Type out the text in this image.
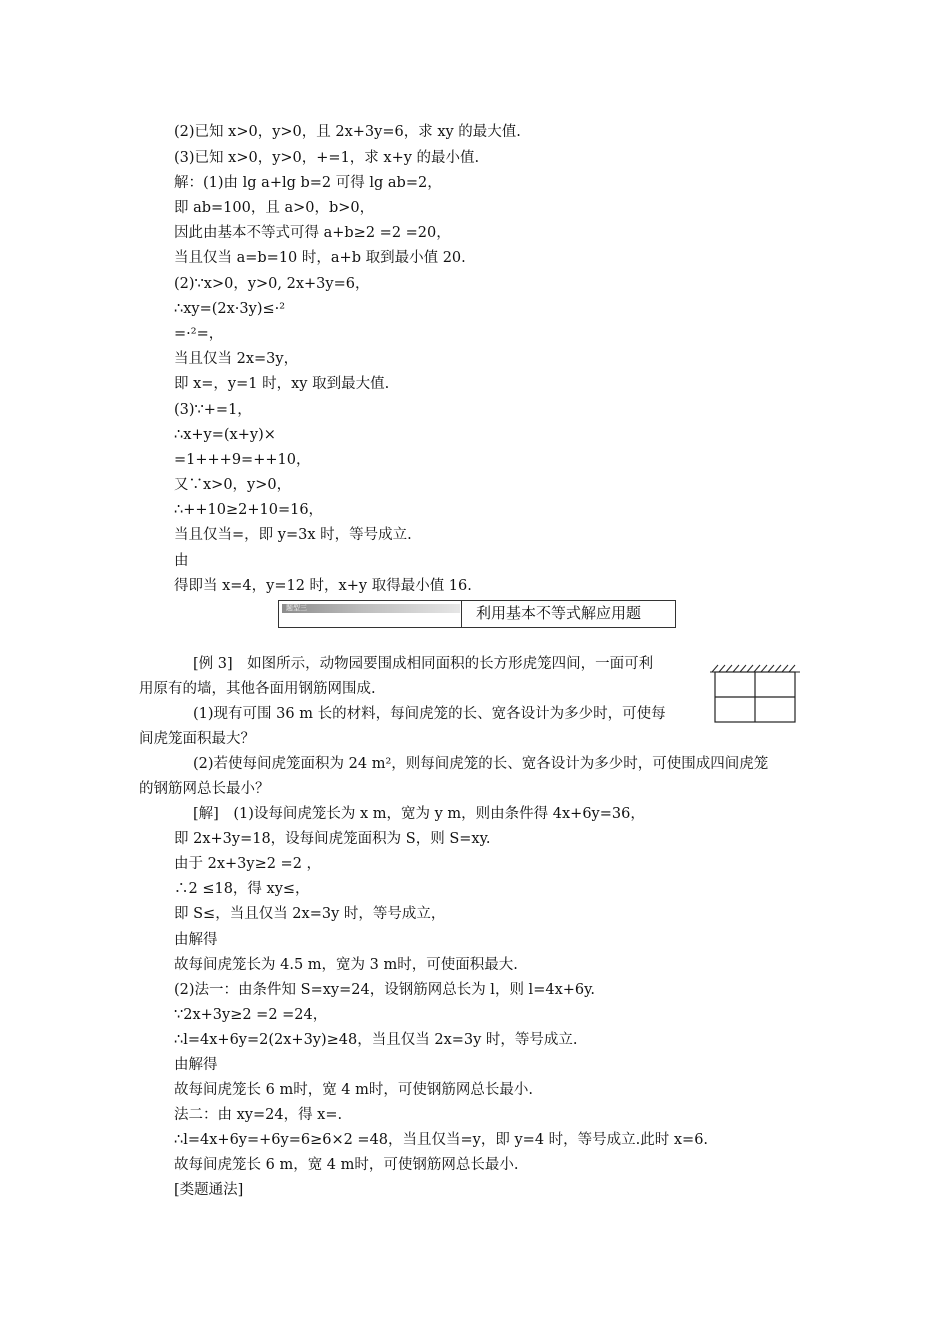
(2)已知 x>0，y>0，且 2x+3y=6，求 xy 的最大值.
(3)已知 x>0，y>0，+=1，求 x+y 的最小值.
解：(1)由 lg a+lg b=2 可得 lg ab=2，
即 ab=100，且 a>0，b>0，
因此由基本不等式可得 a+b≥2 =2 =20，
当且仅当 a=b=10 时，a+b 取到最小值 20.
(2)∵x>0，y>0, 2x+3y=6，
∴xy=(2x·3y)≤·²
=·²=，
当且仅当 2x=3y，
即 x=，y=1 时，xy 取到最大值.
(3)∵+=1，
∴x+y=(x+y)×
=1+++9=++10，
又∵x>0，y>0，
∴++10≥2+10=16，
当且仅当=，即 y=3x 时，等号成立.
由
得即当 x=4，y=12 时，x+y 取得最小值 16.
题型三	利用基本不等式解应用题
[例 3]　如图所示，动物园要围成相同面积的长方形虎笼四间，一面可利
用原有的墙，其他各面用钢筋网围成.
(1)现有可围 36 m 长的材料，每间虎笼的长、宽各设计为多少时，可使每
间虎笼面积最大？
(2)若使每间虎笼面积为 24 m²，则每间虎笼的长、宽各设计为多少时，可使围成四间虎笼
的钢筋网总长最小？
[解]　(1)设每间虎笼长为 x m，宽为 y m，则由条件得 4x+6y=36，
即 2x+3y=18，设每间虎笼面积为 S，则 S=xy.
由于 2x+3y≥2 =2 ，
∴2 ≤18，得 xy≤，
即 S≤，当且仅当 2x=3y 时，等号成立，
由解得
故每间虎笼长为 4.5 m，宽为 3 m时，可使面积最大.
(2)法一：由条件知 S=xy=24，设钢筋网总长为 l，则 l=4x+6y.
∵2x+3y≥2 =2 =24，
∴l=4x+6y=2(2x+3y)≥48，当且仅当 2x=3y 时，等号成立.
由解得
故每间虎笼长 6 m时，宽 4 m时，可使钢筋网总长最小.
法二：由 xy=24，得 x=.
∴l=4x+6y=+6y=6≥6×2 =48，当且仅当=y，即 y=4 时，等号成立.此时 x=6.
故每间虎笼长 6 m，宽 4 m时，可使钢筋网总长最小.
[类题通法]
